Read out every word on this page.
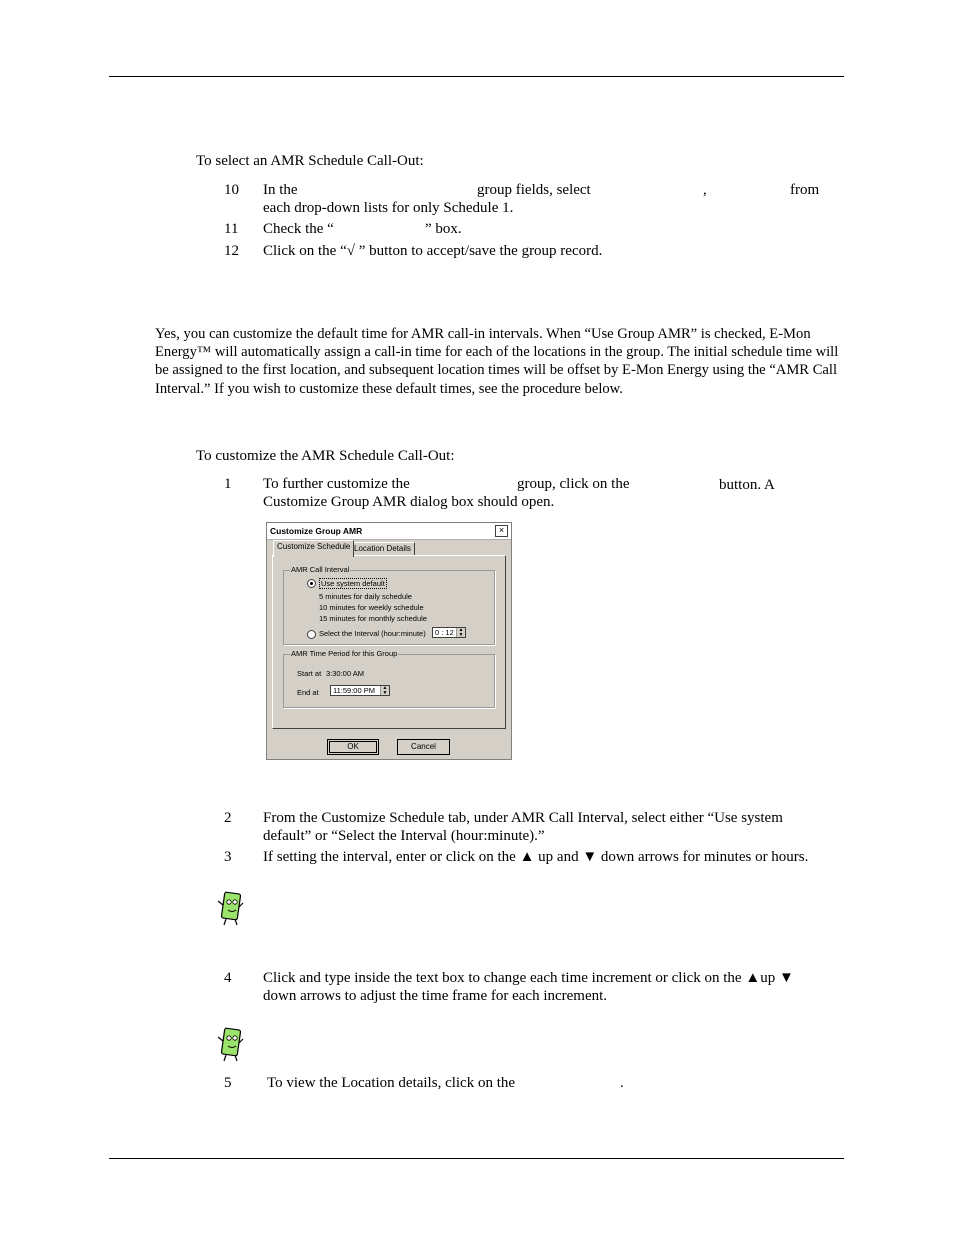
To select an AMR Schedule Call-Out:
10 In the	group fields, select	,	from
each drop-down lists for only Schedule 1.
11 Check the “	” box.
12 Click on the “√ ” button to accept/save the group record.
Yes, you can customize the default time for AMR call-in intervals. When “Use Group AMR” is checked, E-Mon
Energy™ will automatically assign a call-in time for each of the locations in the group. The initial schedule time will
be assigned to the first location, and subsequent location times will be offset by E-Mon Energy using the “AMR Call
Interval.” If you wish to customize these default times, see the procedure below.
To customize the AMR Schedule Call-Out:
1 To further customize the	group, click on the	button. A
Customize Group AMR dialog box should open.
Customize Group AMR	×
Customize Schedule Location Details
AMR Call Interval
Use system default
5 minutes for daily schedule
10 minutes for weekly schedule
15 minutes for monthly schedule
Select the Interval (hour:minute)	0 : 12 ▲
▼
AMR Time Period for this Group
Start at 3:30:00 AM
End at	11:59:00 PM	▲
▼
OK	Cancel
2 From the Customize Schedule tab, under AMR Call Interval, select either “Use system
default” or “Select the Interval (hour:minute).”
3 If setting the interval, enter or click on the ▲ up and ▼ down arrows for minutes or hours.
4 Click and type inside the text box to change each time increment or click on the ▲up ▼
down arrows to adjust the time frame for each increment.
5 To view the Location details, click on the	.
